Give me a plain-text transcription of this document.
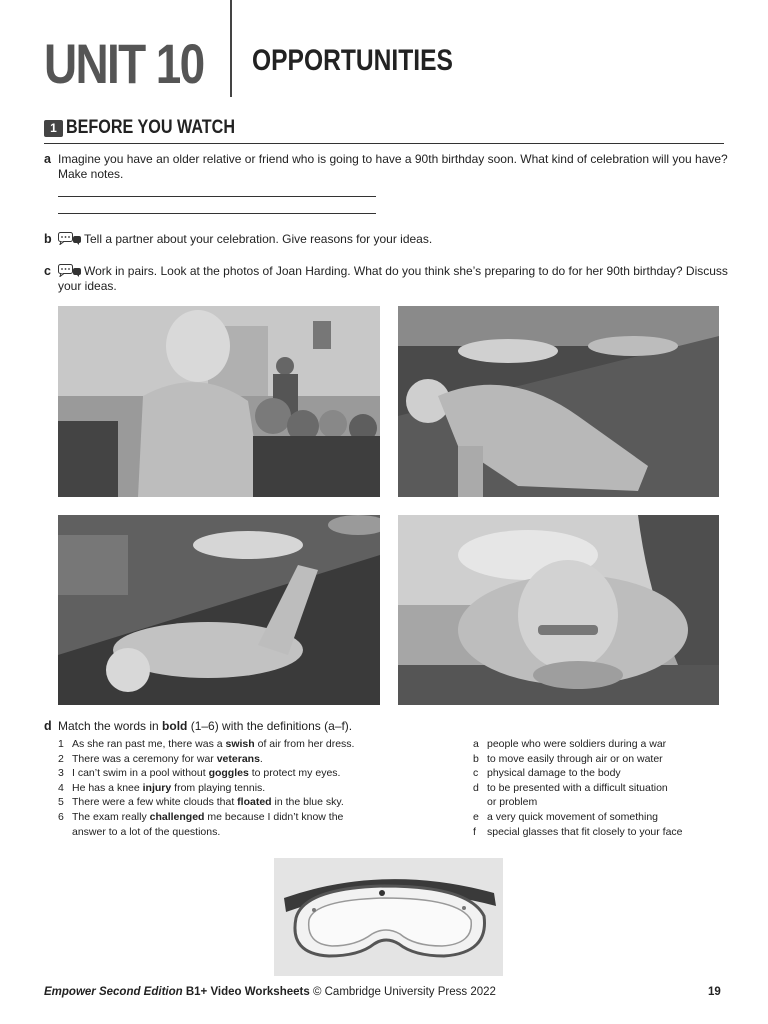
UNIT 10 OPPORTUNITIES
1 BEFORE YOU WATCH
a Imagine you have an older relative or friend who is going to have a 90th birthday soon. What kind of celebration will you have? Make notes.
b	Tell a partner about your celebration. Give reasons for your ideas.
c	Work in pairs. Look at the photos of Joan Harding. What do you think she’s preparing to do for her 90th birthday? Discuss your ideas.
d Match the words in bold (1–6) with the definitions (a–f).
1 As she ran past me, there was a swish of air from her dress.
2 There was a ceremony for war veterans.
3 I can’t swim in a pool without goggles to protect my eyes.
4 He has a knee injury from playing tennis.
5 There were a few white clouds that floated in the blue sky.
6 The exam really challenged me because I didn’t know the
answer to a lot of the questions.
a people who were soldiers during a war
b to move easily through air or on water
c physical damage to the body
d to be presented with a difficult situation
or problem
e a very quick movement of something
f special glasses that fit closely to your face
Empower Second Edition B1+ Video Worksheets © Cambridge University Press 2022	19
